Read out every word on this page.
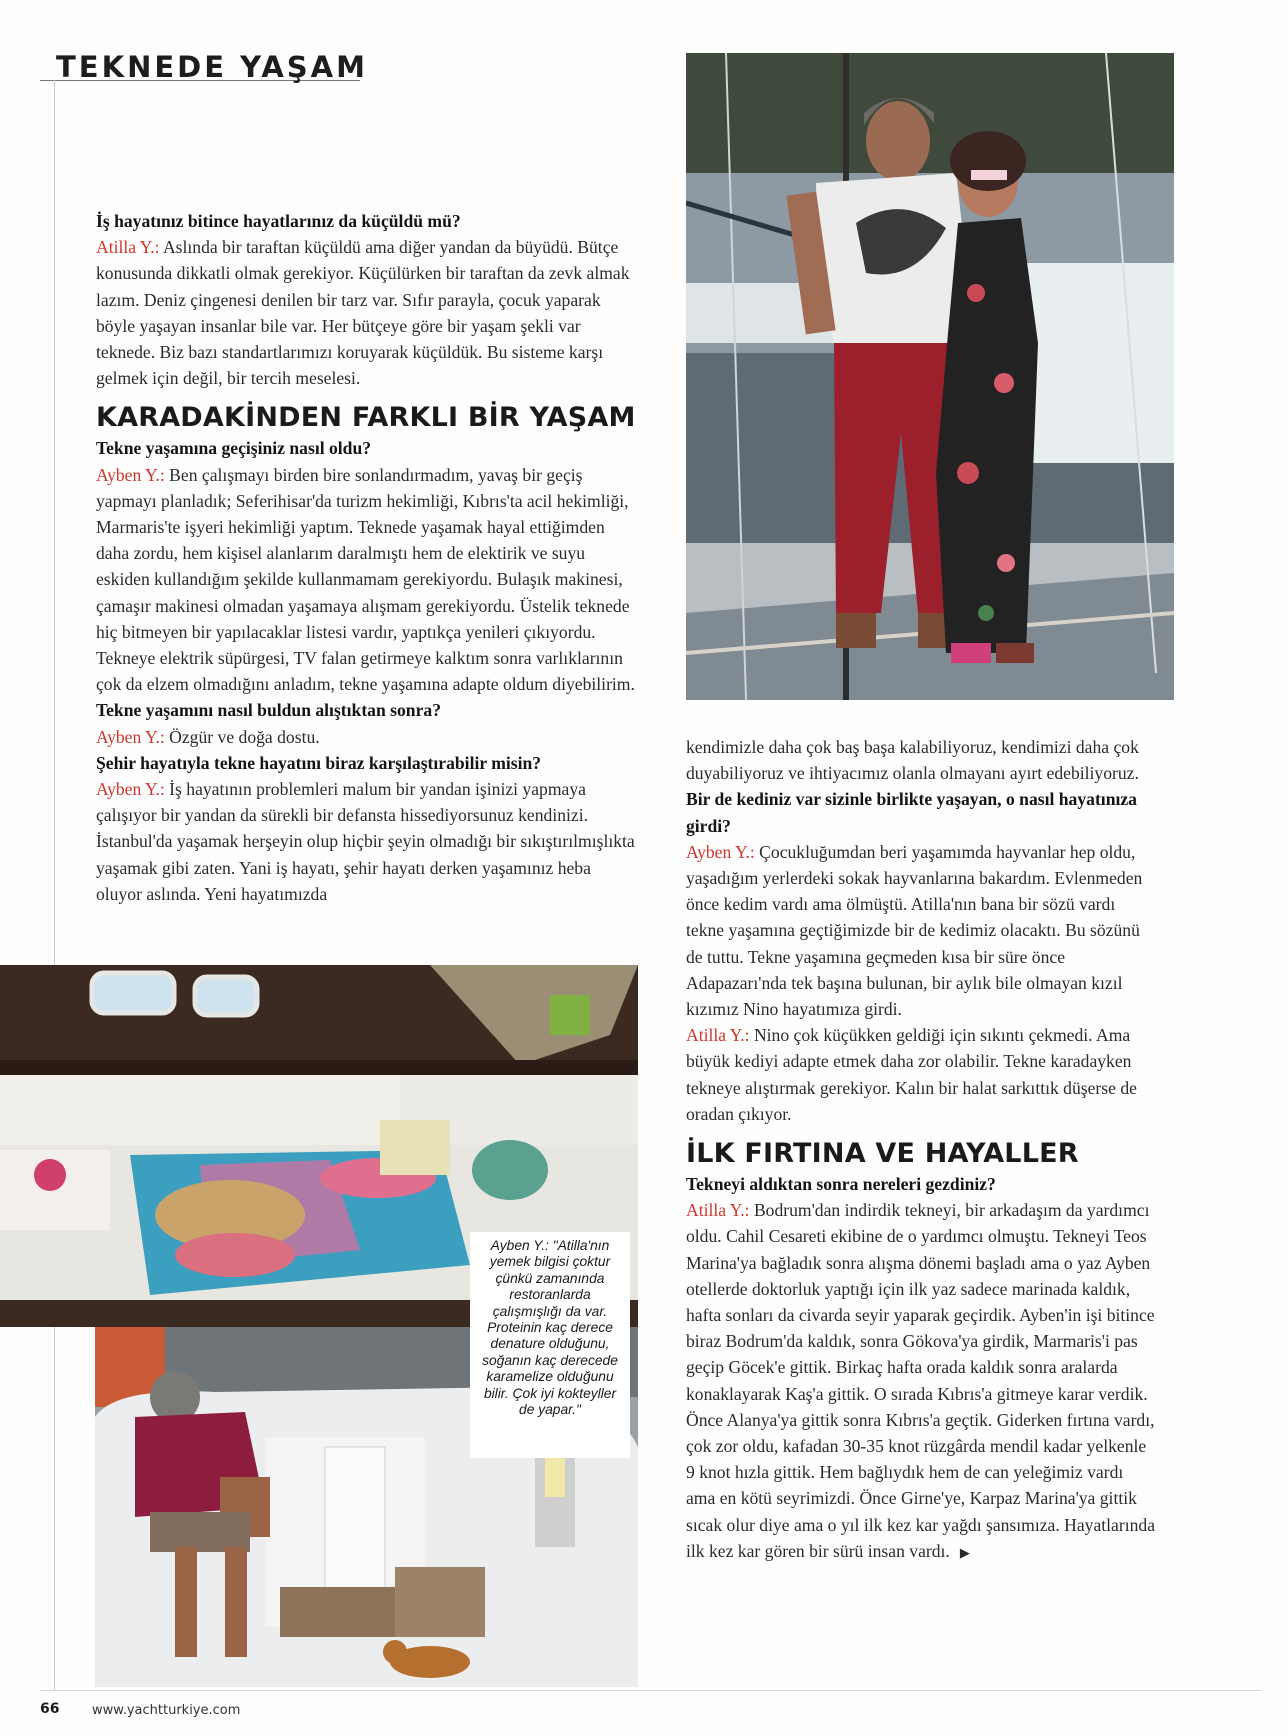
TEKNEDE YAŞAM

İş hayatınız bitince hayatlarınız da küçüldü mü?

Atilla Y.: Aslında bir taraftan küçüldü ama diğer yandan da büyüdü. Bütçe konusunda dikkatli olmak gerekiyor. Küçülürken bir taraftan da zevk almak lazım. Deniz çingenesi denilen bir tarz var. Sıfır parayla, çocuk yaparak böyle yaşayan insanlar bile var. Her bütçeye göre bir yaşam şekli var teknede. Biz bazı standartlarımızı koruyarak küçüldük. Bu sisteme karşı gelmek için değil, bir tercih meselesi.

KARADAKİNDEN FARKLI BİR YAŞAM

Tekne yaşamına geçişiniz nasıl oldu?

Ayben Y.: Ben çalışmayı birden bire sonlandırmadım, yavaş bir geçiş yapmayı planladık; Seferihisar'da turizm hekimliği, Kıbrıs'ta acil hekimliği, Marmaris'te işyeri hekimliği yaptım. Teknede yaşamak hayal ettiğimden daha zordu, hem kişisel alanlarım daralmıştı hem de elektirik ve suyu eskiden kullandığım şekilde kullanmamam gerekiyordu. Bulaşık makinesi, çamaşır makinesi olmadan yaşamaya alışmam gerekiyordu. Üstelik teknede hiç bitmeyen bir yapılacaklar listesi vardır, yaptıkça yenileri çıkıyordu. Tekneye elektrik süpürgesi, TV falan getirmeye kalktım sonra varlıklarının çok da elzem olmadığını anladım, tekne yaşamına adapte oldum diyebilirim.

Tekne yaşamını nasıl buldun alıştıktan sonra?

Ayben Y.: Özgür ve doğa dostu.

Şehir hayatıyla tekne hayatını biraz karşılaştırabilir misin?

Ayben Y.: İş hayatının problemleri malum bir yandan işinizi yapmaya çalışıyor bir yandan da sürekli bir defansta hissediyorsunuz kendinizi. İstanbul'da yaşamak herşeyin olup hiçbir şeyin olmadığı bir sıkıştırılmışlıkta yaşamak gibi zaten. Yani iş hayatı, şehir hayatı derken yaşamınız heba oluyor aslında. Yeni hayatımızda

kendimizle daha çok baş başa kalabiliyoruz, kendimizi daha çok duyabiliyoruz ve ihtiyacımız olanla olmayanı ayırt edebiliyoruz.

Bir de kediniz var sizinle birlikte yaşayan, o nasıl hayatınıza girdi?

Ayben Y.: Çocukluğumdan beri yaşamımda hayvanlar hep oldu, yaşadığım yerlerdeki sokak hayvanlarına bakardım. Evlenmeden önce kedim vardı ama ölmüştü. Atilla'nın bana bir sözü vardı tekne yaşamına geçtiğimizde bir de kedimiz olacaktı. Bu sözünü de tuttu. Tekne yaşamına geçmeden kısa bir süre önce Adapazarı'nda tek başına bulunan, bir aylık bile olmayan kızıl kızımız Nino hayatımıza girdi.

Atilla Y.: Nino çok küçükken geldiği için sıkıntı çekmedi. Ama büyük kediyi adapte etmek daha zor olabilir. Tekne karadayken tekneye alıştırmak gerekiyor. Kalın bir halat sarkıttık düşerse de oradan çıkıyor.

İLK FIRTINA VE HAYALLER

Tekneyi aldıktan sonra nereleri gezdiniz?

Atilla Y.: Bodrum'dan indirdik tekneyi, bir arkadaşım da yardımcı oldu. Cahil Cesareti ekibine de o yardımcı olmuştu. Tekneyi Teos Marina'ya bağladık sonra alışma dönemi başladı ama o yaz Ayben otellerde doktorluk yaptığı için ilk yaz sadece marinada kaldık, hafta sonları da civarda seyir yaparak geçirdik. Ayben'in işi bitince biraz Bodrum'da kaldık, sonra Gökova'ya girdik, Marmaris'i pas geçip Göcek'e gittik. Birkaç hafta orada kaldık sonra aralarda konaklayarak Kaş'a gittik. O sırada Kıbrıs'a gitmeye karar verdik. Önce Alanya'ya gittik sonra Kıbrıs'a geçtik. Giderken fırtına vardı, çok zor oldu, kafadan 30-35 knot rüzgârda mendil kadar yelkenle 9 knot hızla gittik. Hem bağlıydık hem de can yeleğimiz vardı ama en kötü seyrimizdi. Önce Girne'ye, Karpaz Marina'ya gittik sıcak olur diye ama o yıl ilk kez kar yağdı şansımıza. Hayatlarında ilk kez kar gören bir sürü insan vardı. ▶

Ayben Y.: "Atilla'nın yemek bilgisi çoktur çünkü zamanında restoranlarda çalışmışlığı da var. Proteinin kaç derece denature olduğunu, soğanın kaç derecede karamelize olduğunu bilir. Çok iyi kokteyller de yapar."
66	www.yachtturkiye.com
